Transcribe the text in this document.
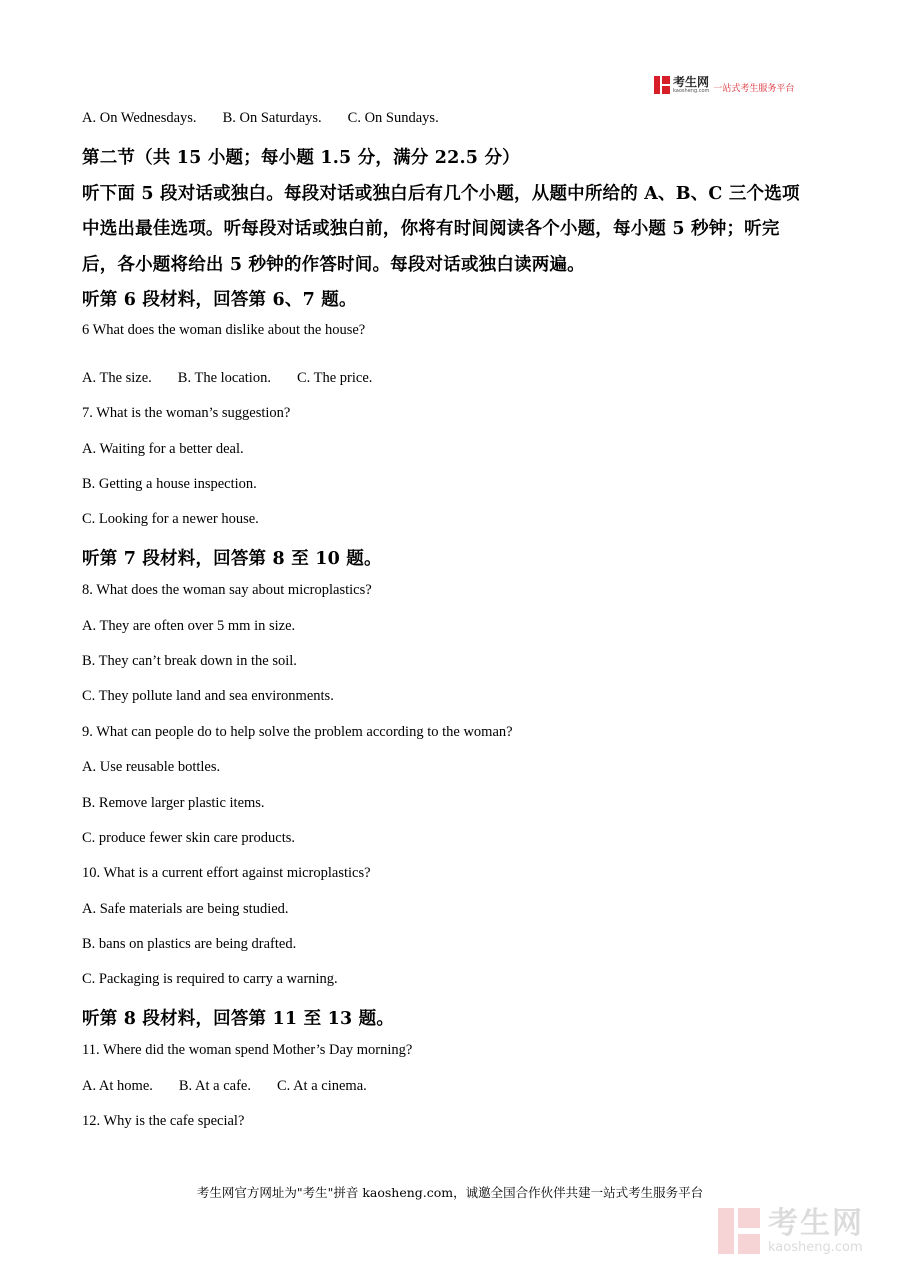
考生网
kaosheng.com 一站式考生服务平台
A. On Wednesdays. B. On Saturdays. C. On Sundays.
第二节（共 15 小题；每小题 1.5 分，满分 22.5 分）
听下面 5 段对话或独白。每段对话或独白后有几个小题，从题中所给的 A、B、C 三个选项
中选出最佳选项。听每段对话或独白前，你将有时间阅读各个小题，每小题 5 秒钟；听完
后，各小题将给出 5 秒钟的作答时间。每段对话或独白读两遍。
听第 6 段材料，回答第 6、7 题。
6 What does the woman dislike about the house?
A. The size. B. The location. C. The price.
7. What is the woman’s suggestion?
A. Waiting for a better deal.
B. Getting a house inspection.
C. Looking for a newer house.
听第 7 段材料，回答第 8 至 10 题。
8. What does the woman say about microplastics?
A. They are often over 5 mm in size.
B. They can’t break down in the soil.
C. They pollute land and sea environments.
9. What can people do to help solve the problem according to the woman?
A. Use reusable bottles.
B. Remove larger plastic items.
C. produce fewer skin care products.
10. What is a current effort against microplastics?
A. Safe materials are being studied.
B. bans on plastics are being drafted.
C. Packaging is required to carry a warning.
听第 8 段材料，回答第 11 至 13 题。
11. Where did the woman spend Mother’s Day morning?
A. At home. B. At a cafe. C. At a cinema.
12. Why is the cafe special?
考生网官方网址为"考生"拼音 kaosheng.com，诚邀全国合作伙伴共建一站式考生服务平台
考生网
kaosheng.com
